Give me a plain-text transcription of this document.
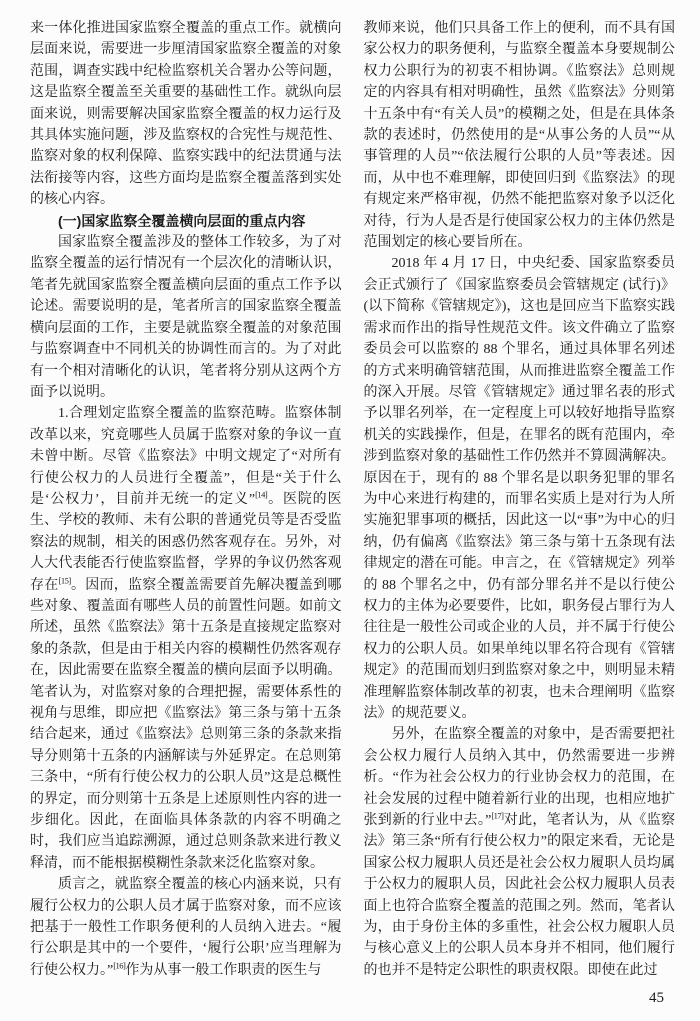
来一体化推进国家监察全覆盖的重点工作。就横向层面来说，需要进一步厘清国家监察全覆盖的对象范围，调查实践中纪检监察机关合署办公等问题，这是监察全覆盖至关重要的基础性工作。就纵向层面来说，则需要解决国家监察全覆盖的权力运行及其具体实施问题，涉及监察权的合宪性与规范性、监察对象的权利保障、监察实践中的纪法贯通与法法衔接等内容，这些方面均是监察全覆盖落到实处的核心内容。

(一)国家监察全覆盖横向层面的重点内容

国家监察全覆盖涉及的整体工作较多，为了对监察全覆盖的运行情况有一个层次化的清晰认识，笔者先就国家监察全覆盖横向层面的重点工作予以论述。需要说明的是，笔者所言的国家监察全覆盖横向层面的工作，主要是就监察全覆盖的对象范围与监察调查中不同机关的协调性而言的。为了对此有一个相对清晰化的认识，笔者将分别从这两个方面予以说明。

1.合理划定监察全覆盖的监察范畴。监察体制改革以来，究竟哪些人员属于监察对象的争议一直未曾中断。尽管《监察法》中明文规定了“对所有行使公权力的人员进行全覆盖”，但是“关于什么是‘公权力’，目前并无统一的定义”[14]。医院的医生、学校的教师、未有公职的普通党员等是否受监察法的规制，相关的困惑仍然客观存在。另外，对人大代表能否行使监察监督，学界的争议仍然客观存在[15]。因而，监察全覆盖需要首先解决覆盖到哪些对象、覆盖面有哪些人员的前置性问题。如前文所述，虽然《监察法》第十五条是直接规定监察对象的条款，但是由于相关内容的模糊性仍然客观存在，因此需要在监察全覆盖的横向层面予以明确。笔者认为，对监察对象的合理把握，需要体系性的视角与思维，即应把《监察法》第三条与第十五条结合起来，通过《监察法》总则第三条的条款来指导分则第十五条的内涵解读与外延界定。在总则第三条中，“所有行使公权力的公职人员”这是总概性的界定，而分则第十五条是上述原则性内容的进一步细化。因此，在面临具体条款的内容不明确之时，我们应当追踪溯源，通过总则条款来进行教义释清，而不能根据模糊性条款来泛化监察对象。

质言之，就监察全覆盖的核心内涵来说，只有履行公权力的公职人员才属于监察对象，而不应该把基于一般性工作职务便利的人员纳入进去。“履行公职是其中的一个要件，‘履行公职’应当理解为行使公权力。”[16]作为从事一般工作职责的医生与

教师来说，他们只具备工作上的便利，而不具有国家公权力的职务便利，与监察全覆盖本身要规制公权力公职行为的初衷不相协调。《监察法》总则规定的内容具有相对明确性，虽然《监察法》分则第十五条中有“有关人员”的模糊之处，但是在具体条款的表述时，仍然使用的是“从事公务的人员”“从事管理的人员”“依法履行公职的人员”等表述。因而，从中也不难理解，即使回归到《监察法》的现有规定来严格审视，仍然不能把监察对象予以泛化对待，行为人是否是行使国家公权力的主体仍然是范围划定的核心要旨所在。

2018 年 4 月 17 日，中央纪委、国家监察委员会正式颁行了《国家监察委员会管辖规定 (试行)》(以下简称《管辖规定》)，这也是回应当下监察实践需求而作出的指导性规范文件。该文件确立了监察委员会可以监察的 88 个罪名，通过具体罪名列述的方式来明确管辖范围，从而推进监察全覆盖工作的深入开展。尽管《管辖规定》通过罪名表的形式予以罪名列举，在一定程度上可以较好地指导监察机关的实践操作，但是，在罪名的既有范围内，牵涉到监察对象的基础性工作仍然并不算圆满解决。原因在于，现有的 88 个罪名是以职务犯罪的罪名为中心来进行构建的，而罪名实质上是对行为人所实施犯罪事项的概括，因此这一以“事”为中心的归纳，仍有偏离《监察法》第三条与第十五条现有法律规定的潜在可能。申言之，在《管辖规定》列举的 88 个罪名之中，仍有部分罪名并不是以行使公权力的主体为必要要件，比如，职务侵占罪行为人往往是一般性公司或企业的人员，并不属于行使公权力的公职人员。如果单纯以罪名符合现有《管辖规定》的范围而划归到监察对象之中，则明显未精准理解监察体制改革的初衷，也未合理阐明《监察法》的规范要义。

另外，在监察全覆盖的对象中，是否需要把社会公权力履行人员纳入其中，仍然需要进一步辨析。“作为社会公权力的行业协会权力的范围，在社会发展的过程中随着新行业的出现，也相应地扩张到新的行业中去。”[17]对此，笔者认为，从《监察法》第三条“所有行使公权力”的限定来看，无论是国家公权力履职人员还是社会公权力履职人员均属于公权力的履职人员，因此社会公权力履职人员表面上也符合监察全覆盖的范围之列。然而，笔者认为，由于身份主体的多重性，社会公权力履职人员与核心意义上的公职人员本身并不相同，他们履行的也并不是特定公职性的职责权限。即使在此过

45
